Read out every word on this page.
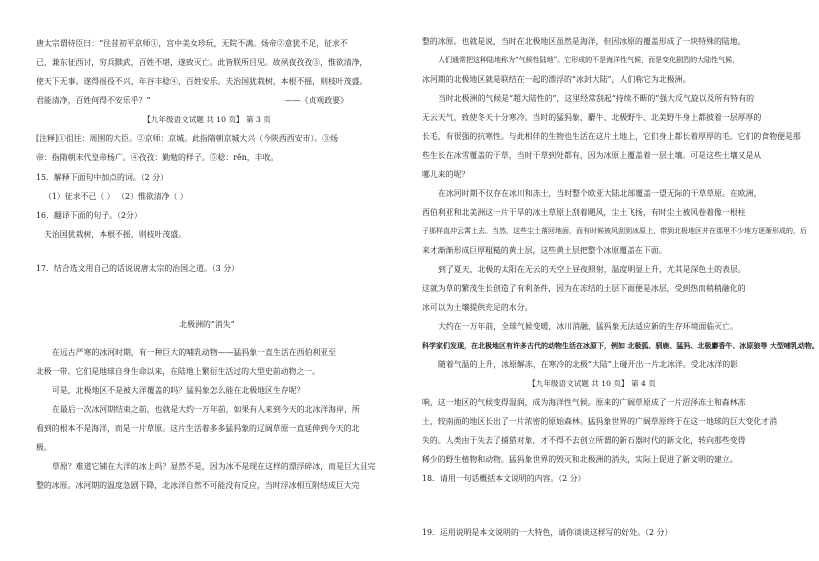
唐太宗谓侍臣曰：“往昔初平京师①，宫中美女珍玩，无院不满。炀帝②意犹不足，征求不
已，兼东征西讨，穷兵黩武，百姓不堪，遂致灭亡。此皆朕所目见。故夙夜孜孜③，惟欲清净，
使天下无事。遂得徭役不兴，年谷丰稔④，百姓安乐。夫治国犹栽树，本根不摇，则枝叶茂盛。
君能清净，百姓何得不安乐乎？”	——《贞观政要》
【九年级语文试题 共 10 页】 第 3 页
[注释]①徂往：周围的大臣。②京师：京城。此指隋朝京城大兴（今陕西西安市）。③炀
帝：指隋朝末代皇帝杨广。④孜孜：勤勉的样子。⑤稔：rěn，丰收。
15．解释下面句中加点的词。（2 分）
（1）征求不已（ ） （2）惟欲清净（ ）
16．翻译下面的句子。（2分）
夫治国犹栽树，本根不摇，则枝叶茂盛。
17．结合选文用自己的话说说唐太宗的治国之道。（3 分）
北极洲的“消失”
在远古严寒的冰河时期，有一种巨大的哺乳动物——猛犸象一直生活在西伯利亚至
北极一带。它们是地球自身生命以来，在陆地上繁衍生活过的大型史前动物之一。
可是，北极地区不是被大洋覆盖的吗？猛犸象怎么能在北极地区生存呢？
在最后一次冰河期结束之前，也就是大约一万年前，如果有人来到今天的北冰洋海岸，所
看到的根本不是海洋，而是一片草原。这片生活着多多猛犸象的辽阔草原一直延伸到今天的北
极。
草原？难道它铺在大洋的冰上吗？显然不是，因为冰不是现在这样的漂浮碎冰，而是巨大且完
整的冰原。冰河期的温度急剧下降，北冰洋自然不可能没有反应，当时浮冰相互附结成巨大完
整的冰原。也就是说，当时在北极地区虽然是海洋，但因冰原的覆盖形成了一块特殊的陆地。
人们通常把这种陆地称为“气候性陆地”。它形成的不是海洋性气候，而是变化剧烈的大陆性气候，
冰河期的北极地区就是联结在一起的漂浮的“冰封大陆”，人们称它为北极洲。
当时北极洲的气候是“超大陆性的”，这里经常刮起“持续不断的”强大反气旋以及所有特有的
无云天气，致使冬天十分寒冷。当时的猛犸象、麝牛、北极野牛、北美野牛身上都披着一层厚厚的
长毛，有很强的抗寒性。与此相伴的生物也生活在这片土地上，它们身上都长着厚厚的毛。它们的食物便是那
些生长在冰雪覆盖的干草，当时干草到处都有，因为冰原上覆盖着一层土壤。可是这些土壤又是从
哪儿来的呢？
在冰河时期不仅存在冰川和冻土，当时整个欧亚大陆北部覆盖一望无际的干草草原。在欧洲，
西伯利亚和北美洲这一片干旱的冰土草原上刮着飓风，尘土飞扬，有时尘土被风卷着像一根柱
子那样直冲云霄上去。当然，这些尘土落回地面，而有时候被风刮到冰原上，带到北极地区并在那里不少地方逐渐形成的，后
来才渐渐形成巨厚粗糙的黄土层，这些黄土层把整个冰原覆盖在下面。
到了夏天，北极的太阳在无云的天空上昼夜照射，温度明显上升，尤其是深色土的表层。
这就为草的繁茂生长创造了有利条件，因为在冻结的土层下面便是冰层，受到热而稍稍融化的
冰可以为土壤提供充足的水分。
大约在一万年前，全球气候变暖，冰川消融，猛犸象无法适应新的生存环境面临灭亡。
科学家们发现，在北极地区有许多古代的动物生活在冰原下，例如 北极狐、驯鹿、猛犸、北极麝香牛、冰原狼等 大型哺乳动物。
随着气温的上升，冰原解冻，在寒冷的北极“大陆”上碰开出一片北冰洋。受北冰洋的影
【九年级语文试题 共 10 页】 第 4 页
响，这一地区的气候变得湿润，成为海洋性气候。原来的广阔草原成了一片沼泽冻土和森林冻
土，较南面的地区长出了一片浓密的原始森林。猛犸象世界的广阔草原终于在这一地球的巨大变化才消
失的。人类由于失去了捕猎对象，才不得不去创立所谓的新石器时代的新文化，转向那些变得
稀少的野生植物和动物。猛犸象世界的毁灭和北极洲的消失，实际上促进了新文明的建立。
18．请用一句话概括本文说明的内容。（2 分）
19．运用说明是本文说明的一大特色，请你谈谈这样写的好处。（2 分）
